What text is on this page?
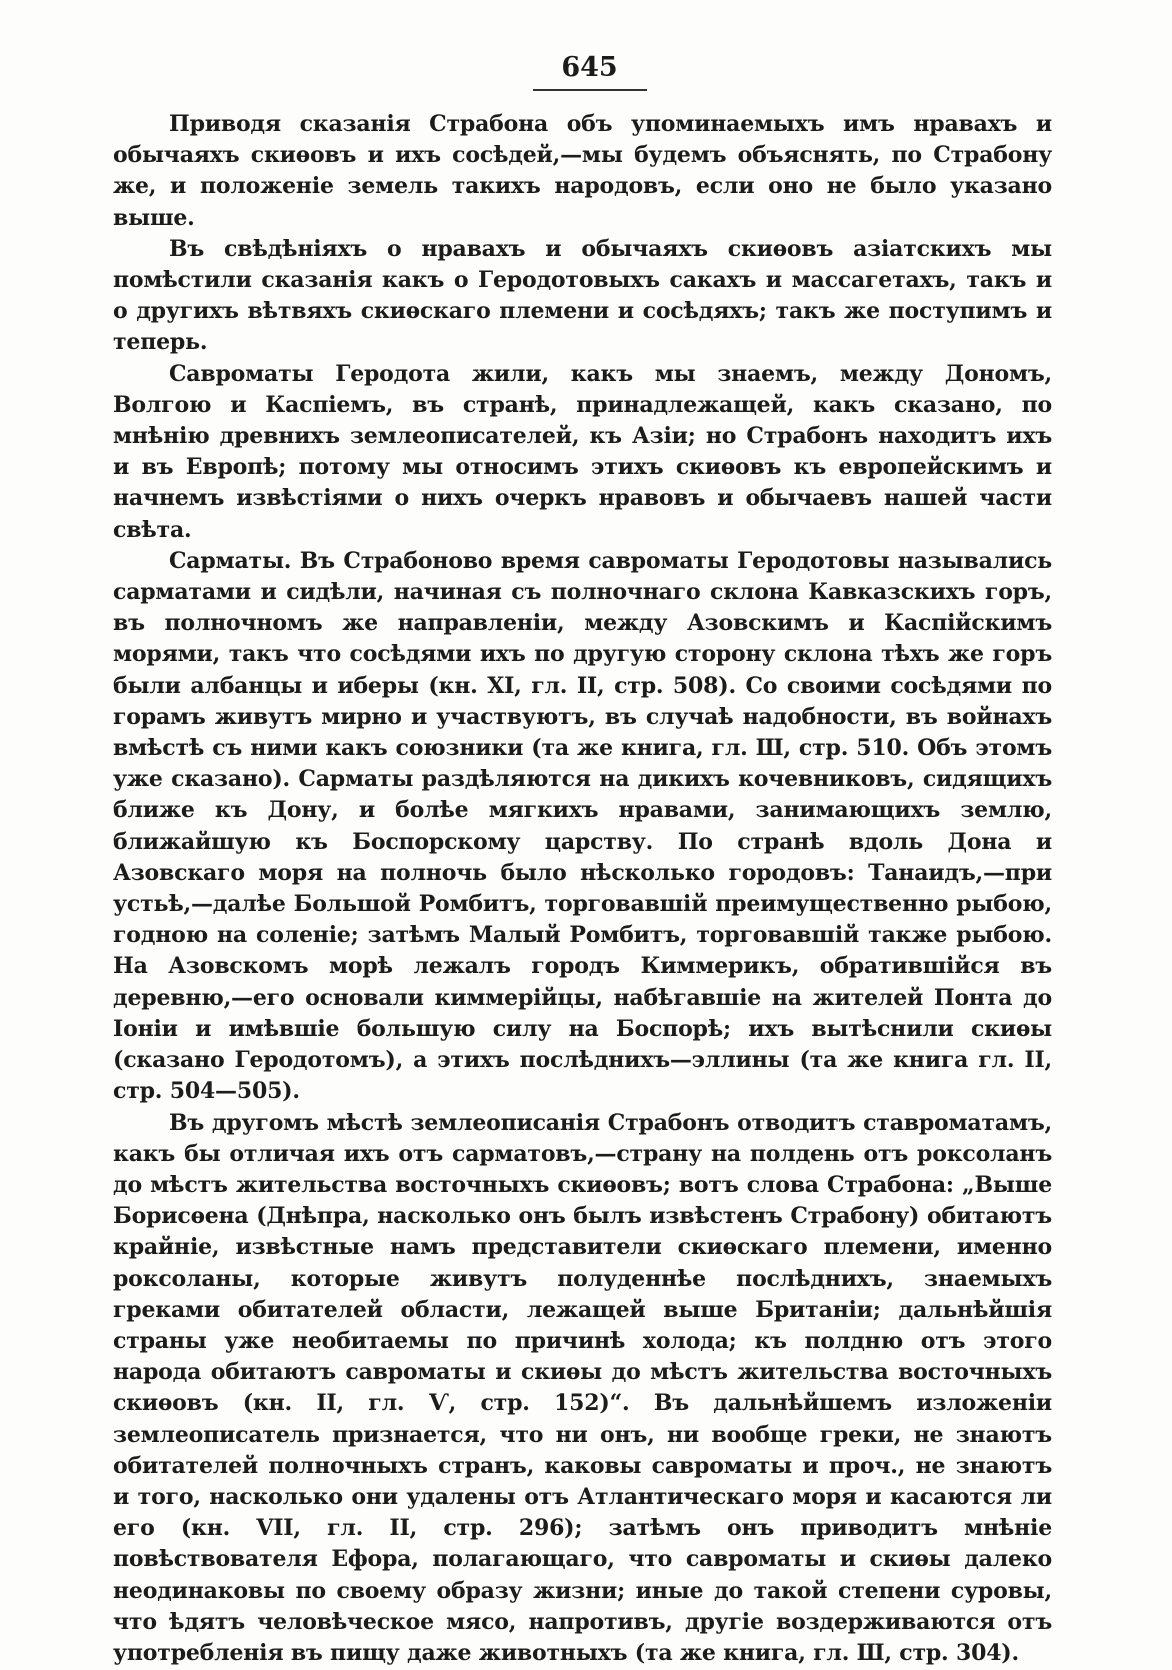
645

Приводя сказанія Страбона объ упоминаемыхъ имъ нравахъ и обычаяхъ скиѳовъ и ихъ сосѣдей,—мы будемъ объяснять, по Страбону же, и положеніе земель такихъ народовъ, если оно не было указано выше.

Въ свѣдѣніяхъ о нравахъ и обычаяхъ скиѳовъ азіатскихъ мы помѣстили сказанія какъ о Геродотовыхъ сакахъ и массагетахъ, такъ и о другихъ вѣтвяхъ скиѳскаго племени и сосѣдяхъ; такъ же поступимъ и теперь.

Савроматы Геродота жили, какъ мы знаемъ, между Дономъ, Волгою и Каспіемъ, въ странѣ, принадлежащей, какъ сказано, по мнѣнію древнихъ землеописателей, къ Азіи; но Страбонъ находитъ ихъ и въ Европѣ; потому мы относимъ этихъ скиѳовъ къ европейскимъ и начнемъ извѣстіями о нихъ очеркъ нравовъ и обычаевъ нашей части свѣта.

Сарматы. Въ Страбоново время савроматы Геродотовы назывались сарматами и сидѣли, начиная съ полночнаго склона Кавказскихъ горъ, въ полночномъ же направленіи, между Азовскимъ и Каспійскимъ морями, такъ что сосѣдями ихъ по другую сторону склона тѣхъ же горъ были албанцы и иберы (кн. XI, гл. II, стр. 508). Со своими сосѣдями по горамъ живутъ мирно и участвуютъ, въ случаѣ надобности, въ войнахъ вмѣстѣ съ ними какъ союзники (та же книга, гл. Ш, стр. 510. Объ этомъ уже сказано). Сарматы раздѣляются на дикихъ кочевниковъ, сидящихъ ближе къ Дону, и болѣе мягкихъ нравами, занимающихъ землю, ближайшую къ Боспорскому царству. По странѣ вдоль Дона и Азовскаго моря на полночь было нѣсколько городовъ: Танаидъ,—при устьѣ,—далѣе Большой Ромбитъ, торговавшій преимущественно рыбою, годною на соленіе; затѣмъ Малый Ромбитъ, торговавшій также рыбою. На Азовскомъ морѣ лежалъ городъ Киммерикъ, обратившійся въ деревню,—его основали киммерійцы, набѣгавшіе на жителей Понта до Іоніи и имѣвшіе большую силу на Боспорѣ; ихъ вытѣснили скиѳы (сказано Геродотомъ), а этихъ послѣднихъ—эллины (та же книга гл. II, стр. 504—505).

Въ другомъ мѣстѣ землеописанія Страбонъ отводитъ ставроматамъ, какъ бы отличая ихъ отъ сарматовъ,—страну на полдень отъ роксоланъ до мѣстъ жительства восточныхъ скиѳовъ; вотъ слова Страбона: „Выше Борисѳена (Днѣпра, насколько онъ былъ извѣстенъ Страбону) обитаютъ крайніе, извѣстные намъ представители скиѳскаго племени, именно роксоланы, которые живутъ полуденнѣе послѣднихъ, знаемыхъ греками обитателей области, лежащей выше Британіи; дальнѣйшія страны уже необитаемы по причинѣ холода; къ полдню отъ этого народа обитаютъ савроматы и скиѳы до мѣстъ жительства восточныхъ скиѳовъ (кн. II, гл. Ѵ, стр. 152)“. Въ дальнѣйшемъ изложеніи землеописатель признается, что ни онъ, ни вообще греки, не знаютъ обитателей полночныхъ странъ, каковы савроматы и проч., не знаютъ и того, насколько они удалены отъ Атлантическаго моря и касаются ли его (кн. VII, гл. II, стр. 296); затѣмъ онъ приводитъ мнѣніе повѣствователя Ефора, полагающаго, что савроматы и скиѳы далеко неодинаковы по своему образу жизни; иные до такой степени суровы, что ѣдятъ человѣческое мясо, напротивъ, другіе воздерживаются отъ употребленія въ пищу даже животныхъ (та же книга, гл. Ш, стр. 304).
